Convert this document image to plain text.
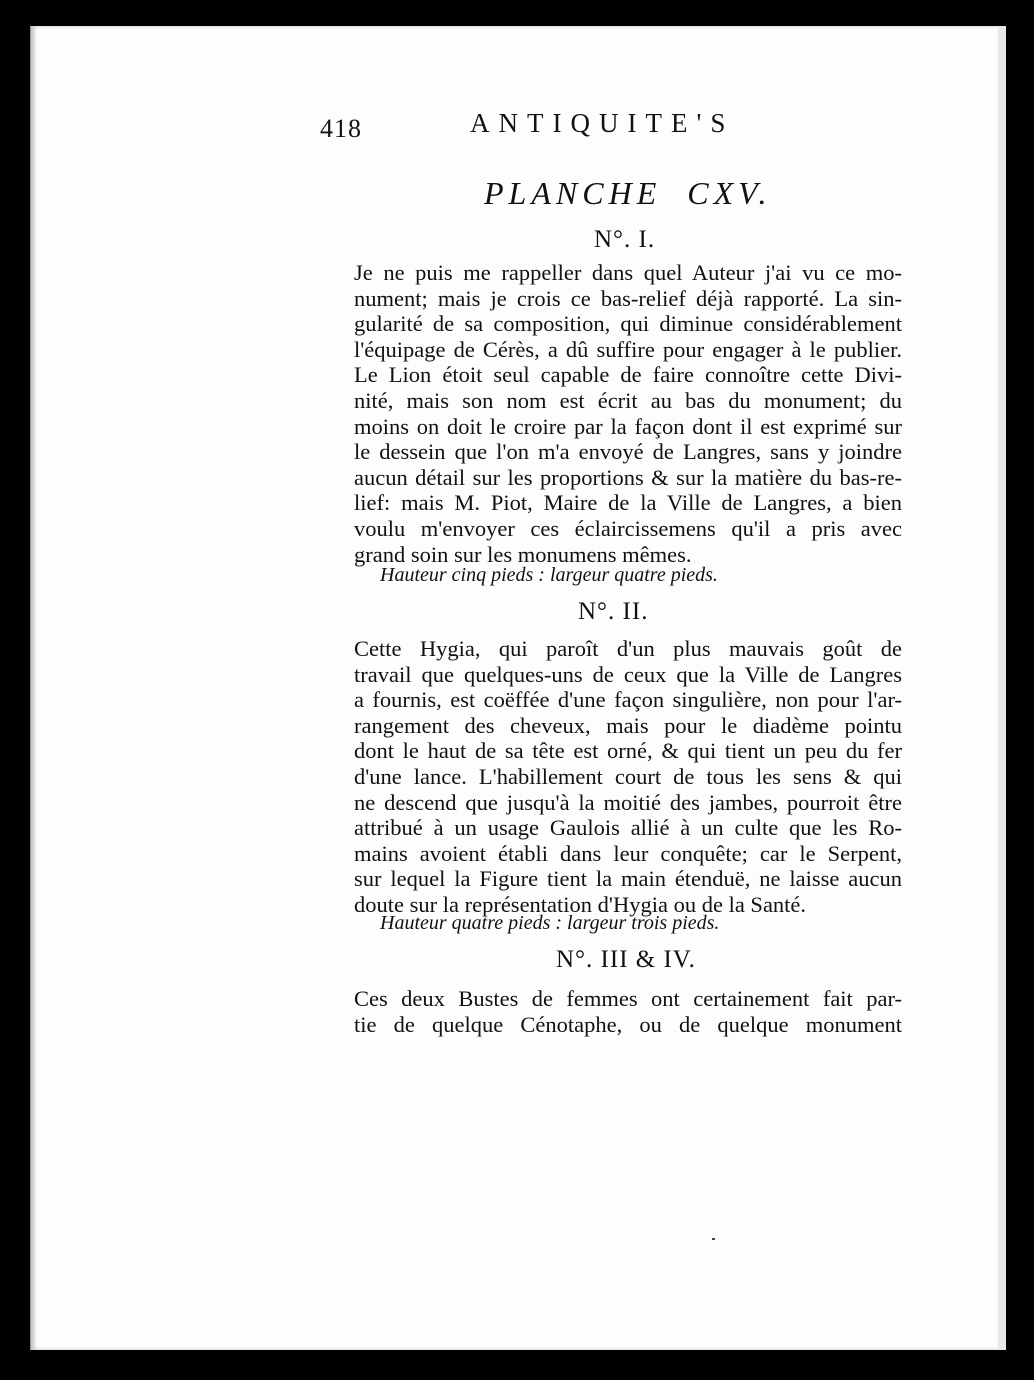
418	ANTIQUITE'S
PLANCHE  CXV.
N°. I.
Je ne puis me rappeller dans quel Auteur j'ai vu ce mo-
nument; mais je crois ce bas-relief déjà rapporté. La sin-
gularité de sa composition, qui diminue considérablement
l'équipage de Cérès, a dû suffire pour engager à le publier.
Le Lion étoit seul capable de faire connoître cette Divi-
nité, mais son nom est écrit au bas du monument; du
moins on doit le croire par la façon dont il est exprimé sur
le dessein que l'on m'a envoyé de Langres, sans y joindre
aucun détail sur les proportions & sur la matière du bas-re-
lief: mais M. Piot, Maire de la Ville de Langres, a bien
voulu m'envoyer ces éclaircissemens qu'il a pris avec
grand soin sur les monumens mêmes.
Hauteur cinq pieds : largeur quatre pieds.
N°. II.
Cette Hygia, qui paroît d'un plus mauvais goût de
travail que quelques-uns de ceux que la Ville de Langres
a fournis, est coëffée d'une façon singulière, non pour l'ar-
rangement des cheveux, mais pour le diadème pointu
dont le haut de sa tête est orné, & qui tient un peu du fer
d'une lance. L'habillement court de tous les sens & qui
ne descend que jusqu'à la moitié des jambes, pourroit être
attribué à un usage Gaulois allié à un culte que les Ro-
mains avoient établi dans leur conquête; car le Serpent,
sur lequel la Figure tient la main étenduë, ne laisse aucun
doute sur la représentation d'Hygia ou de la Santé.
Hauteur quatre pieds : largeur trois pieds.
N°. III & IV.
Ces deux Bustes de femmes ont certainement fait par-
tie de quelque Cénotaphe, ou de quelque monument
